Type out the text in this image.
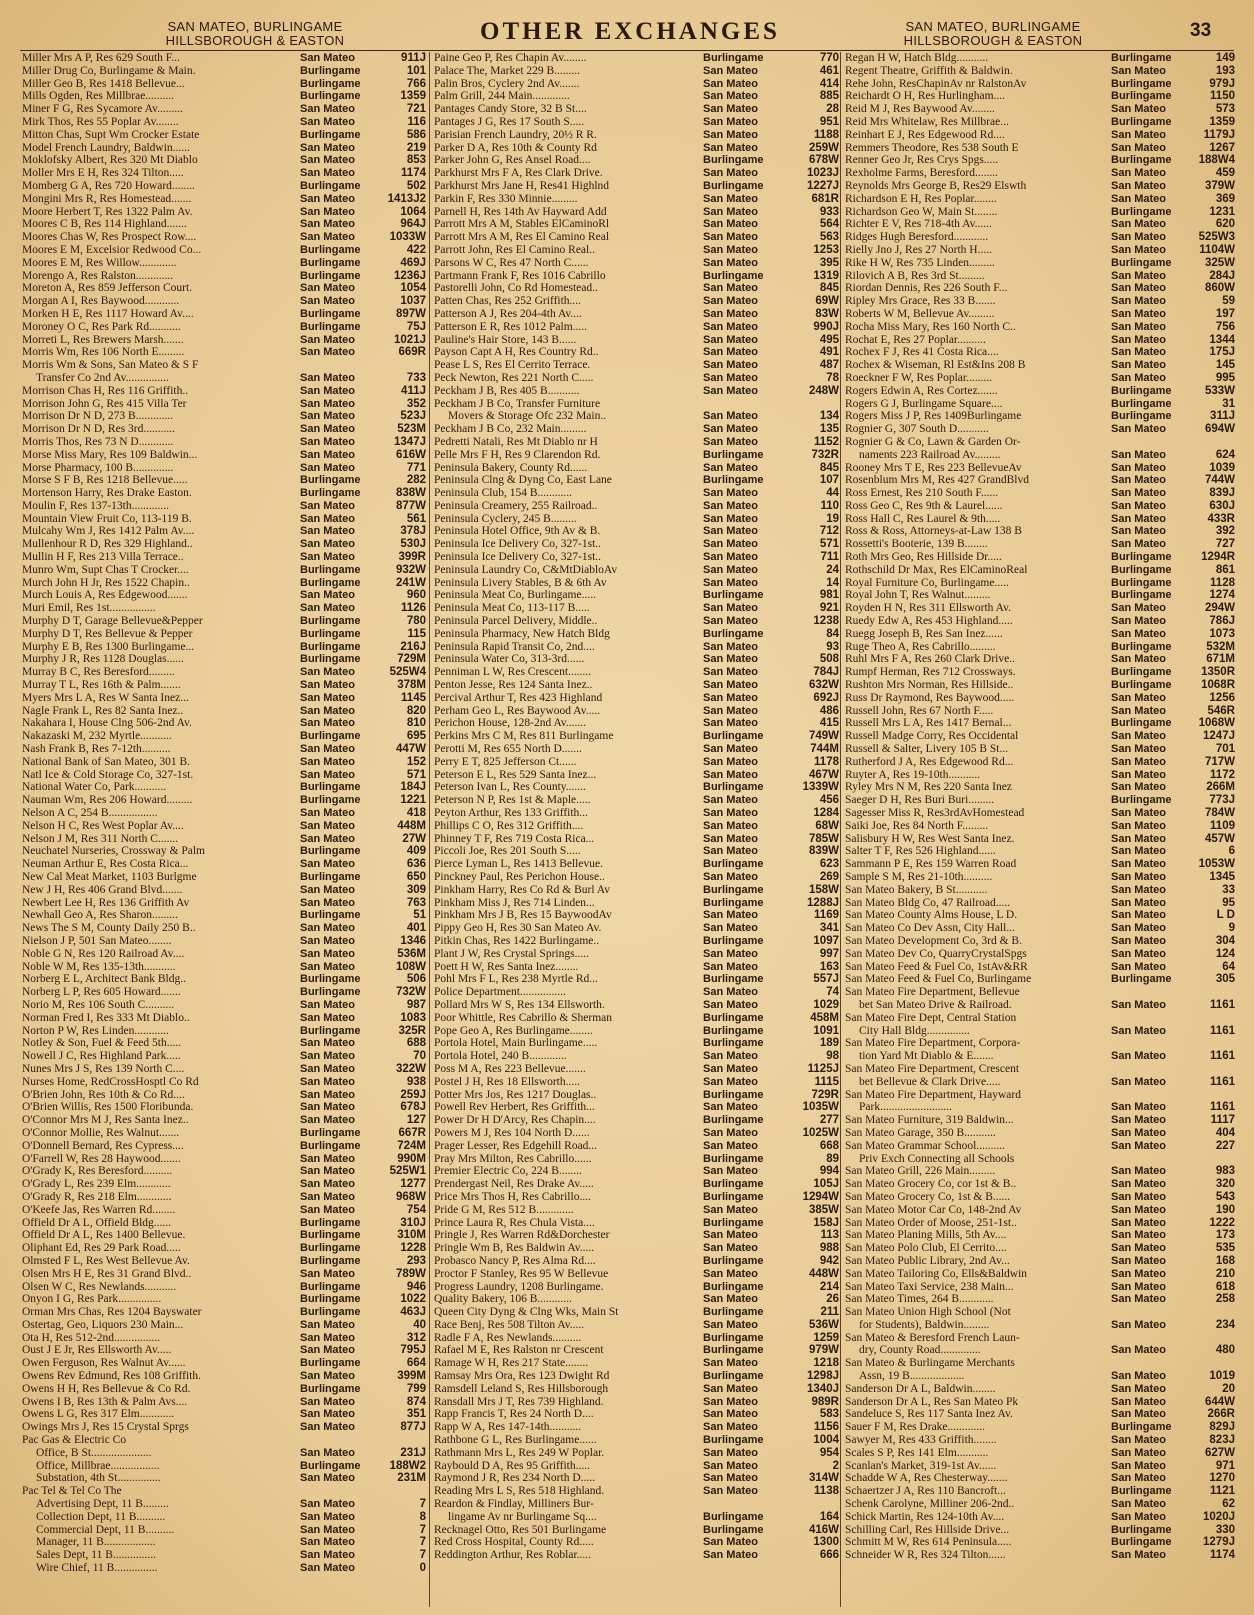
SAN MATEO, BURLINGAME
HILLSBOROUGH & EASTON	OTHER EXCHANGES	SAN MATEO, BURLINGAME
HILLSBOROUGH & EASTON	33
Miller Mrs A P, Res 629 South F...	San Mateo	911J
Miller Drug Co, Burlingame & Main.	Burlingame	101
Miller Geo B, Res 1418 Bellevue...	Burlingame	766
Mills Ogden, Res Millbrae..........	Burlingame	1359
Miner F G, Res Sycamore Av.........	San Mateo	721
Mirk Thos, Res 55 Poplar Av........	San Mateo	116
Mitton Chas, Supt Wm Crocker Estate	Burlingame	586
Model French Laundry, Baldwin......	San Mateo	219
Moklofsky Albert, Res 320 Mt Diablo	San Mateo	853
Moller Mrs E H, Res 324 Tilton.....	San Mateo	1174
Momberg G A, Res 720 Howard........	Burlingame	502
Mongini Mrs R, Res Homestead.......	San Mateo	1413J2
Moore Herbert T, Res 1322 Palm Av.	San Mateo	1064
Moores C B, Res 114 Highland.......	San Mateo	964J
Moores Chas W, Res Prospect Row....	San Mateo	1033W
Moores E M, Excelsior Redwood Co...	Burlingame	422
Moores E M, Res Willow.............	Burlingame	469J
Morengo A, Res Ralston.............	Burlingame	1236J
Moreton A, Res 859 Jefferson Court.	San Mateo	1054
Morgan A I, Res Baywood............	San Mateo	1037
Morken H E, Res 1117 Howard Av....	Burlingame	897W
Moroney O C, Res Park Rd...........	Burlingame	75J
Morreti L, Res Brewers Marsh.......	San Mateo	1021J
Morris Wm, Res 106 North E.........	San Mateo	669R
Morris Wm & Sons, San Mateo & S F
Transfer Co 2nd Av...............	San Mateo	733
Morrison Chas H, Res 116 Griffith..	San Mateo	411J
Morrison John G, Res 415 Villa Ter	San Mateo	352
Morrison Dr N D, 273 B.............	San Mateo	523J
Morrison Dr N D, Res 3rd...........	San Mateo	523M
Morris Thos, Res 73 N D............	San Mateo	1347J
Morse Miss Mary, Res 109 Baldwin...	San Mateo	616W
Morse Pharmacy, 100 B..............	San Mateo	771
Morse S F B, Res 1218 Bellevue.....	Burlingame	282
Mortenson Harry, Res Drake Easton.	Burlingame	838W
Moulin F, Res 137-13th.............	San Mateo	877W
Mountain View Fruit Co, 113-119 B.	San Mateo	561
Mulcahy Wm J, Res 1412 Palm Av....	San Mateo	378J
Mullenhour R D, Res 329 Highland..	San Mateo	530J
Mullin H F, Res 213 Villa Terrace..	San Mateo	399R
Munro Wm, Supt Chas T Crocker....	Burlingame	932W
Murch John H Jr, Res 1522 Chapin..	Burlingame	241W
Murch Louis A, Res Edgewood.......	San Mateo	960
Muri Emil, Res 1st................	San Mateo	1126
Murphy D T, Garage Bellevue&Pepper	Burlingame	780
Murphy D T, Res Bellevue & Pepper	Burlingame	115
Murphy E B, Res 1300 Burlingame...	Burlingame	216J
Murphy J R, Res 1128 Douglas......	Burlingame	729M
Murray B C, Res Beresford.........	San Mateo	525W4
Murray T L, Res 16th & Palm.......	San Mateo	378M
Myers Mrs L A, Res W Santa Inez...	San Mateo	1145
Nagle Frank L, Res 82 Santa Inez..	San Mateo	820
Nakahara I, House Clng 506-2nd Av.	San Mateo	810
Nakazaski M, 232 Myrtle...........	Burlingame	695
Nash Frank B, Res 7-12th..........	San Mateo	447W
National Bank of San Mateo, 301 B.	San Mateo	152
Natl Ice & Cold Storage Co, 327-1st.	San Mateo	571
National Water Co, Park...........	Burlingame	184J
Nauman Wm, Res 206 Howard.........	Burlingame	1221
Nelson A C, 254 B.................	San Mateo	418
Nelson H C, Res West Poplar Av....	San Mateo	448M
Nelson J M, Res 311 North C.......	San Mateo	27W
Neuchatel Nurseries, Crossway & Palm	Burlingame	409
Neuman Arthur E, Res Costa Rica...	San Mateo	636
New Cal Meat Market, 1103 Burlgme	Burlingame	650
New J H, Res 406 Grand Blvd.......	San Mateo	309
Newbert Lee H, Res 136 Griffith Av	San Mateo	763
Newhall Geo A, Res Sharon.........	Burlingame	51
News The S M, County Daily 250 B..	San Mateo	401
Nielson J P, 501 San Mateo........	San Mateo	1346
Noble G N, Res 120 Railroad Av....	San Mateo	536M
Noble W M, Res 135-13th...........	San Mateo	108W
Norberg E L, Architect Bank Bldg..	Burlingame	506
Norberg L P, Res 605 Howard.......	Burlingame	732W
Norio M, Res 106 South C..........	San Mateo	987
Norman Fred I, Res 333 Mt Diablo..	San Mateo	1083
Norton P W, Res Linden............	Burlingame	325R
Notley & Son, Fuel & Feed 5th.....	San Mateo	688
Nowell J C, Res Highland Park.....	San Mateo	70
Nunes Mrs J S, Res 139 North C....	San Mateo	322W
Nurses Home, RedCrossHosptl Co Rd	San Mateo	938
O'Brien John, Res 10th & Co Rd....	San Mateo	259J
O'Brien Willis, Res 1500 Floribunda.	San Mateo	678J
O'Connor Mrs M J, Res Santa Inez..	San Mateo	127
O'Connor Mollie, Res Walnut.......	Burlingame	667R
O'Donnell Bernard, Res Cypress....	Burlingame	724M
O'Farrell W, Res 28 Haywood.......	San Mateo	990M
O'Grady K, Res Beresford..........	San Mateo	525W1
O'Grady L, Res 239 Elm............	San Mateo	1277
O'Grady R, Res 218 Elm............	San Mateo	968W
O'Keefe Jas, Res Warren Rd........	San Mateo	754
Offield Dr A L, Offield Bldg......	Burlingame	310J
Offield Dr A L, Res 1400 Bellevue.	Burlingame	310M
Oliphant Ed, Res 29 Park Road.....	Burlingame	1228
Olmsted F L, Res West Bellevue Av.	Burlingame	293
Olsen Mrs H E, Res 31 Grand Blvd..	San Mateo	789W
Olsen W C, Res Newlands...........	Burlingame	946
Onyon I G, Res Park...............	Burlingame	1022
Orman Mrs Chas, Res 1204 Bayswater	Burlingame	463J
Ostertag, Geo, Liquors 230 Main...	San Mateo	40
Ota H, Res 512-2nd................	San Mateo	312
Oust J E Jr, Res Ellsworth Av.....	San Mateo	795J
Owen Ferguson, Res Walnut Av......	Burlingame	664
Owens Rev Edmund, Res 108 Griffith.	San Mateo	399M
Owens H H, Res Bellevue & Co Rd.	Burlingame	799
Owens I B, Res 13th & Palm Avs....	San Mateo	874
Owens L G, Res 317 Elm............	San Mateo	351
Owings Mrs J, Res 15 Crystal Sprgs	San Mateo	877J
Pac Gas & Electric Co
Office, B St.....................	San Mateo	231J
Office, Millbrae.................	Burlingame	188W2
Substation, 4th St...............	San Mateo	231M
Pac Tel & Tel Co The
Advertising Dept, 11 B.........	San Mateo	7
Collection Dept, 11 B..........	San Mateo	8
Commercial Dept, 11 B..........	San Mateo	7
Manager, 11 B..................	San Mateo	7
Sales Dept, 11 B...............	San Mateo	7
Wire Chief, 11 B...............	San Mateo	0
Paine Geo P, Res Chapin Av........	Burlingame	770
Palace The, Market 229 B.........	San Mateo	461
Palin Bros, Cyclery 2nd Av.......	San Mateo	414
Palm Grill, 244 Main.............	San Mateo	885
Pantages Candy Store, 32 B St....	San Mateo	28
Pantages J G, Res 17 South S.....	San Mateo	951
Parisian French Laundry, 20½ R R.	San Mateo	1188
Parker D A, Res 10th & County Rd	San Mateo	259W
Parker John G, Res Ansel Road....	Burlingame	678W
Parkhurst Mrs F A, Res Clark Drive.	San Mateo	1023J
Parkhurst Mrs Jane H, Res41 Highlnd	Burlingame	1227J
Parkin F, Res 330 Minnie.........	San Mateo	681R
Parnell H, Res 14th Av Hayward Add	San Mateo	933
Parrott Mrs A M, Stables ElCaminoRl	San Mateo	564
Parrott Mrs A M, Res El Camino Real	San Mateo	563
Parrott John, Res El Camino Real..	San Mateo	1253
Parsons W C, Res 47 North C......	San Mateo	395
Partmann Frank F, Res 1016 Cabrillo	Burlingame	1319
Pastorelli John, Co Rd Homestead..	San Mateo	845
Patten Chas, Res 252 Griffith....	San Mateo	69W
Patterson A J, Res 204-4th Av....	San Mateo	83W
Patterson E R, Res 1012 Palm.....	San Mateo	990J
Pauline's Hair Store, 143 B......	San Mateo	495
Payson Capt A H, Res Country Rd..	San Mateo	491
Pease L S, Res El Cerrito Terrace.	San Mateo	487
Peck Newton, Res 221 North C.....	San Mateo	78
Peckham J B, Res 405 B...........	San Mateo	248W
Peckham J B Co, Transfer Furniture
Movers & Storage Ofc 232 Main..	San Mateo	134
Peckham J B Co, 232 Main.........	San Mateo	135
Pedretti Natali, Res Mt Diablo nr H	San Mateo	1152
Pelle Mrs F H, Res 9 Clarendon Rd.	Burlingame	732R
Peninsula Bakery, County Rd......	San Mateo	845
Peninsula Clng & Dyng Co, East Lane	Burlingame	107
Peninsula Club, 154 B............	San Mateo	44
Peninsula Creamery, 255 Railroad..	San Mateo	110
Peninsula Cyclery, 245 B.........	San Mateo	19
Peninsula Hotel Office, 9th Av & B.	San Mateo	712
Peninsula Ice Delivery Co, 327-1st..	San Mateo	571
Peninsula Ice Delivery Co, 327-1st..	San Mateo	711
Peninsula Laundry Co, C&MtDiabloAv	San Mateo	24
Peninsula Livery Stables, B & 6th Av	San Mateo	14
Peninsula Meat Co, Burlingame.....	Burlingame	981
Peninsula Meat Co, 113-117 B.....	San Mateo	921
Peninsula Parcel Delivery, Middle..	San Mateo	1238
Peninsula Pharmacy, New Hatch Bldg	Burlingame	84
Peninsula Rapid Transit Co, 2nd....	San Mateo	93
Peninsula Water Co, 313-3rd......	San Mateo	508
Penniman L W, Res Crescent........	San Mateo	784J
Penton Jesse, Res 124 Santa Inez..	San Mateo	632W
Percival Arthur T, Res 423 Highland	San Mateo	692J
Perham Geo L, Res Baywood Av.....	San Mateo	486
Perichon House, 128-2nd Av.......	San Mateo	415
Perkins Mrs C M, Res 811 Burlingame	Burlingame	749W
Perotti M, Res 655 North D.......	San Mateo	744M
Perry E T, 825 Jefferson Ct......	San Mateo	1178
Peterson E L, Res 529 Santa Inez...	San Mateo	467W
Peterson Ivan L, Res County.......	Burlingame	1339W
Peterson N P, Res 1st & Maple.....	San Mateo	456
Peyton Arthur, Res 133 Griffith...	San Mateo	1284
Phillips C O, Res 312 Griffith....	San Mateo	68W
Phinney T F, Res 719 Costa Rica...	San Mateo	785W
Piccoli Joe, Res 201 South S.....	San Mateo	839W
Pierce Lyman L, Res 1413 Bellevue.	Burlingame	623
Pinckney Paul, Res Perichon House..	San Mateo	269
Pinkham Harry, Res Co Rd & Burl Av	Burlingame	158W
Pinkham Miss J, Res 714 Linden...	Burlingame	1288J
Pinkham Mrs J B, Res 15 BaywoodAv	San Mateo	1169
Pippy Geo H, Res 30 San Mateo Av.	San Mateo	341
Pitkin Chas, Res 1422 Burlingame..	Burlingame	1097
Plant J W, Res Crystal Springs.....	San Mateo	997
Poett H W, Res Santa Inez........	San Mateo	163
Pohl Mrs F L, Res 238 Myrtle Rd...	Burlingame	557J
Police Department................	San Mateo	74
Pollard Mrs W S, Res 134 Ellsworth.	San Mateo	1029
Poor Whittle, Res Cabrillo & Sherman	Burlingame	458M
Pope Geo A, Res Burlingame........	Burlingame	1091
Portola Hotel, Main Burlingame.....	Burlingame	189
Portola Hotel, 240 B.............	San Mateo	98
Poss M A, Res 223 Bellevue.......	San Mateo	1125J
Postel J H, Res 18 Ellsworth.....	San Mateo	1115
Potter Mrs Jos, Res 1217 Douglas..	Burlingame	729R
Powell Rev Herbert, Res Griffith...	San Mateo	1035W
Power Dr H D'Arcy, Res Chapin....	Burlingame	277
Powers M J, Res 104 North D......	San Mateo	1025W
Prager Lesser, Res Edgehill Road...	San Mateo	668
Pray Mrs Milton, Res Cabrillo......	Burlingame	89
Premier Electric Co, 224 B........	San Mateo	994
Prendergast Neil, Res Drake Av.....	Burlingame	105J
Price Mrs Thos H, Res Cabrillo....	Burlingame	1294W
Pride G M, Res 512 B.............	San Mateo	385W
Prince Laura R, Res Chula Vista....	Burlingame	158J
Pringle J, Res Warren Rd&Dorchester	San Mateo	113
Pringle Wm B, Res Baldwin Av.....	San Mateo	988
Probasco Nancy P, Res Alma Rd....	Burlingame	942
Proctor F Stanley, Res 95 W Bellevue	San Mateo	448W
Progress Laundry, 1208 Burlingame.	Burlingame	214
Quality Bakery, 106 B............	San Mateo	26
Queen City Dyng & Clng Wks, Main St	Burlingame	211
Race Benj, Res 508 Tilton Av.....	San Mateo	536W
Radle F A, Res Newlands..........	Burlingame	1259
Rafael M E, Res Ralston nr Crescent	Burlingame	979W
Ramage W H, Res 217 State........	San Mateo	1218
Ramsay Mrs Ora, Res 123 Dwight Rd	Burlingame	1298J
Ramsdell Leland S, Res Hillsborough	San Mateo	1340J
Ransdall Mrs J T, Res 739 Highland.	San Mateo	989R
Rapp Francis T, Res 24 North D....	San Mateo	583
Rapp W A, Res 147-14th...........	San Mateo	1156
Rathbone G L, Res Burlingame......	Burlingame	1004
Rathmann Mrs L, Res 249 W Poplar.	San Mateo	954
Raybould D A, Res 95 Griffith.....	San Mateo	2
Raymond J R, Res 234 North D.....	San Mateo	314W
Reading Mrs L S, Res 518 Highland.	San Mateo	1138
Reardon & Findlay, Milliners Bur-
lingame Av nr Burlingame Sq....	Burlingame	164
Recknagel Otto, Res 501 Burlingame	Burlingame	416W
Red Cross Hospital, County Rd.....	San Mateo	1300
Reddington Arthur, Res Roblar.....	San Mateo	666
Regan H W, Hatch Bldg...........	Burlingame	149
Regent Theatre, Griffith & Baldwin.	San Mateo	193
Rehe John, ResChapinAv nr RalstonAv	Burlingame	979J
Reichardt O H, Res Hurlingham....	Burlingame	1150
Reid M J, Res Baywood Av........	San Mateo	573
Reid Mrs Whitelaw, Res Millbrae...	Burlingame	1359
Reinhart E J, Res Edgewood Rd....	San Mateo	1179J
Remmers Theodore, Res 538 South E	San Mateo	1267
Renner Geo Jr, Res Crys Spgs.....	Burlingame	188W4
Rexholme Farms, Beresford........	San Mateo	459
Reynolds Mrs George B, Res29 Elswth	San Mateo	379W
Richardson E H, Res Poplar........	San Mateo	369
Richardson Geo W, Main St........	Burlingame	1231
Richter E V, Res 718-4th Av......	San Mateo	620
Ridges Hugh Beresford............	San Mateo	525W3
Rielly Jno J, Res 27 North H.....	San Mateo	1104W
Rike H W, Res 735 Linden.........	Burlingame	325W
Rilovich A B, Res 3rd St.........	San Mateo	284J
Riordan Dennis, Res 226 South F...	San Mateo	860W
Ripley Mrs Grace, Res 33 B.......	San Mateo	59
Roberts W M, Bellevue Av.........	San Mateo	197
Rocha Miss Mary, Res 160 North C..	San Mateo	756
Rochat E, Res 27 Poplar..........	San Mateo	1344
Rochex F J, Res 41 Costa Rica....	San Mateo	175J
Rochex & Wiseman, Rl Est&Ins 208 B	San Mateo	145
Roeckner F W, Res Poplar.........	San Mateo	995
Rogers Edwin A, Res Cortez.......	Burlingame	533W
Rogers G J, Burlingame Square....	Burlingame	31
Rogers Miss J P, Res 1409Burlingame	Burlingame	311J
Rognier G, 307 South D...........	San Mateo	694W
Rognier G & Co, Lawn & Garden Or-
naments 223 Railroad Av.........	San Mateo	624
Rooney Mrs T E, Res 223 BellevueAv	San Mateo	1039
Rosenblum Mrs M, Res 427 GrandBlvd	San Mateo	744W
Ross Ernest, Res 210 South F......	San Mateo	839J
Ross Geo C, Res 9th & Laurel......	San Mateo	630J
Ross Hall C, Res Laurel & 9th.....	San Mateo	433R
Ross & Ross, Attorneys-at-Law 138 B	San Mateo	392
Rossetti's Booterie, 139 B........	San Mateo	727
Roth Mrs Geo, Res Hillside Dr.....	Burlingame	1294R
Rothschild Dr Max, Res ElCaminoReal	Burlingame	861
Royal Furniture Co, Burlingame.....	Burlingame	1128
Royal John T, Res Walnut.........	Burlingame	1274
Royden H N, Res 311 Ellsworth Av.	San Mateo	294W
Ruedy Edw A, Res 453 Highland.....	San Mateo	786J
Ruegg Joseph B, Res San Inez......	San Mateo	1073
Ruge Theo A, Res Cabrillo.........	Burlingame	532M
Ruhl Mrs F A, Res 260 Clark Drive..	San Mateo	671M
Rumpf Herman, Res 712 Crossways.	Burlingame	1350R
Rushton Mrs Norman, Res Hillside..	Burlingame	1068R
Russ Dr Raymond, Res Baywood.....	San Mateo	1256
Russell John, Res 67 North F.....	San Mateo	546R
Russell Mrs L A, Res 1417 Bernal...	Burlingame	1068W
Russell Madge Corry, Res Occidental	San Mateo	1247J
Russell & Salter, Livery 105 B St...	San Mateo	701
Rutherford J A, Res Edgewood Rd...	San Mateo	717W
Ruyter A, Res 19-10th...........	San Mateo	1172
Ryley Mrs N M, Res 220 Santa Inez	San Mateo	266M
Saeger D H, Res Buri Buri.........	Burlingame	773J
Sagesser Miss R, Res3rdAvHomestead	San Mateo	784W
Saiki Joe, Res 84 North F.........	San Mateo	1109
Salisbury H W, Res West Santa Inez.	San Mateo	457W
Salter T F, Res 526 Highland......	San Mateo	6
Sammann P E, Res 159 Warren Road	San Mateo	1053W
Sample S M, Res 21-10th..........	San Mateo	1345
San Mateo Bakery, B St...........	San Mateo	33
San Mateo Bldg Co, 47 Railroad.....	San Mateo	95
San Mateo County Alms House, L D.	San Mateo	L D
San Mateo Co Dev Assn, City Hall...	San Mateo	9
San Mateo Development Co, 3rd & B.	San Mateo	304
San Mateo Dev Co, QuarryCrystalSpgs	San Mateo	124
San Mateo Feed & Fuel Co, 1stAv&RR	San Mateo	64
San Mateo Feed & Fuel Co, Burlingame	Burlingame	305
San Mateo Fire Department, Bellevue
bet San Mateo Drive & Railroad.	San Mateo	1161
San Mateo Fire Dept, Central Station
City Hall Bldg...............	San Mateo	1161
San Mateo Fire Department, Corpora-
tion Yard Mt Diablo & E.......	San Mateo	1161
San Mateo Fire Department, Crescent
bet Bellevue & Clark Drive.....	San Mateo	1161
San Mateo Fire Department, Hayward
Park.........................	San Mateo	1161
San Mateo Furniture, 319 Baldwin...	San Mateo	1117
San Mateo Garage, 350 B...........	San Mateo	404
San Mateo Grammar School..........	San Mateo	227
Priv Exch Connecting all Schools
San Mateo Grill, 226 Main.........	San Mateo	983
San Mateo Grocery Co, cor 1st & B..	San Mateo	320
San Mateo Grocery Co, 1st & B......	San Mateo	543
San Mateo Motor Car Co, 148-2nd Av	San Mateo	190
San Mateo Order of Moose, 251-1st..	San Mateo	1222
San Mateo Planing Mills, 5th Av....	San Mateo	173
San Mateo Polo Club, El Cerrito....	San Mateo	535
San Mateo Public Library, 2nd Av...	San Mateo	168
San Mateo Tailoring Co, Ells&Baldwin	San Mateo	210
San Mateo Taxi Service, 238 Main...	San Mateo	618
San Mateo Times, 264 B............	San Mateo	258
San Mateo Union High School (Not
for Students), Baldwin.........	San Mateo	234
San Mateo & Beresford French Laun-
dry, County Road..............	San Mateo	480
San Mateo & Burlingame Merchants
Assn, 19 B...................	San Mateo	1019
Sanderson Dr A L, Baldwin........	San Mateo	20
Sanderson Dr A L, Res San Mateo Pk	San Mateo	644W
Sandeluce S, Res 117 Santa Inez Av.	San Mateo	266R
Sauer F M, Res Drake.............	Burlingame	829J
Sawyer M, Res 433 Griffith........	San Mateo	823J
Scales S P, Res 141 Elm...........	San Mateo	627W
Scanlan's Market, 319-1st Av......	San Mateo	971
Schadde W A, Res Chesterway.......	San Mateo	1270
Schaertzer J A, Res 110 Bancroft...	Burlingame	1121
Schenk Carolyne, Milliner 206-2nd..	San Mateo	62
Schick Martin, Res 124-10th Av....	San Mateo	1020J
Schilling Carl, Res Hillside Drive...	Burlingame	330
Schmitt M W, Res 614 Peninsula.....	Burlingame	1279J
Schneider W R, Res 324 Tilton......	San Mateo	1174
